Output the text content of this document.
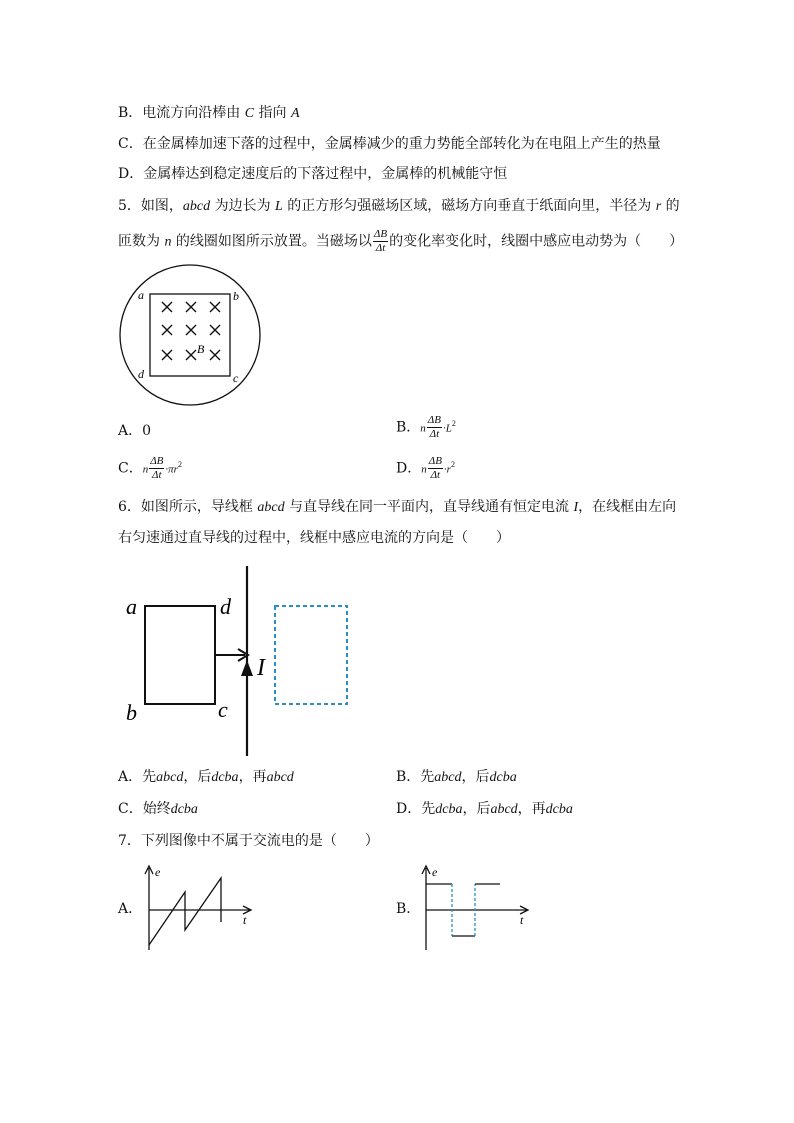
B．电流方向沿棒由 C 指向 A
C．在金属棒加速下落的过程中，金属棒减少的重力势能全部转化为在电阻上产生的热量
D．金属棒达到稳定速度后的下落过程中，金属棒的机械能守恒
5．如图，abcd 为边长为 L 的正方形匀强磁场区域，磁场方向垂直于纸面向里，半径为 r 的
匝数为 n 的线圈如图所示放置。当磁场以 $\frac{\Delta B}{\Delta t}$ 的变化率变化时，线圈中感应电动势为（　　）
a	b
c
d
B
A．0	B．n $\frac{\Delta B}{\Delta t} \cdot L^2$
C．n $\frac{\Delta B}{\Delta t} \cdot\pi r^2$	D．n $\frac{\Delta B}{\Delta t} \cdot r^2$
6．如图所示，导线框 abcd 与直导线在同一平面内，直导线通有恒定电流 I，在线框由左向
右匀速通过直导线的过程中，线框中感应电流的方向是（　　）
a	d
b	c
I
A．先abcd，后dcba，再abcd	B．先abcd，后dcba
C．始终dcba	D．先dcba，后abcd，再dcba
7．下列图像中不属于交流电的是（　　）
A．
e
t
B．
e
t
